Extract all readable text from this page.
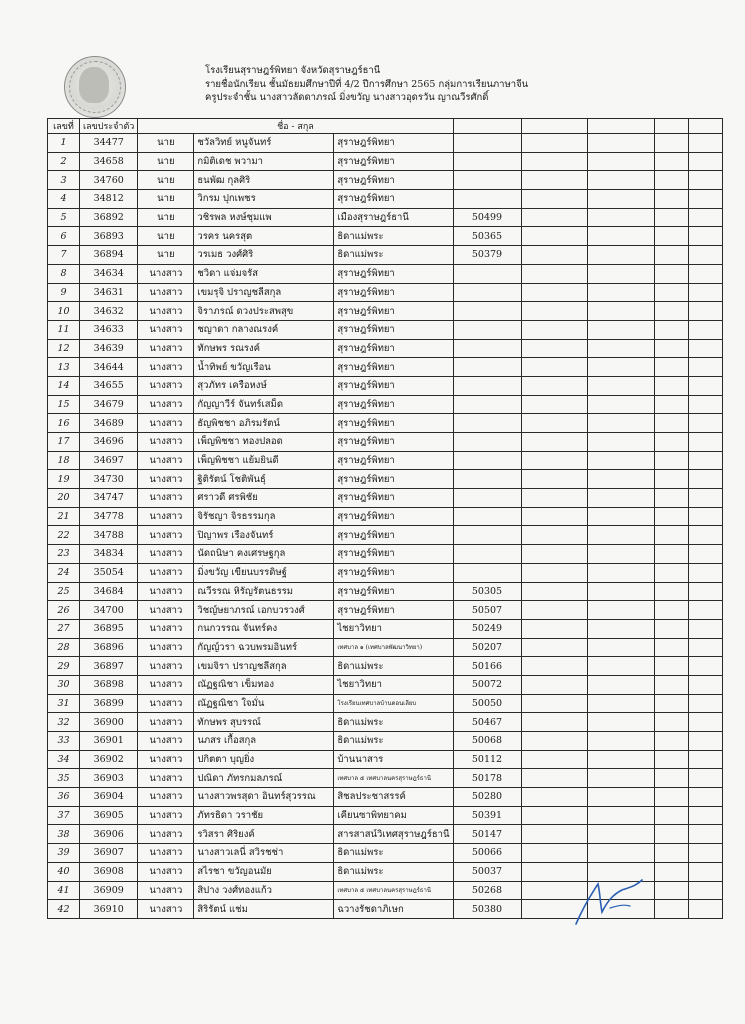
โรงเรียนสุราษฎร์พิทยา จังหวัดสุราษฎร์ธานี
รายชื่อนักเรียน ชั้นมัธยมศึกษาปีที่ 4/2 ปีการศึกษา 2565 กลุ่มการเรียนภาษาจีน
ครูประจำชั้น นางสาวลัดดาภรณ์ มิ่งขวัญ นางสาวอุดรวัน ญาณวีรศักดิ์
เลขที่	เลขประจำตัว	ชื่อ - สกุล							
1	34477	นาย	ชวัลวิทย์ หนูจันทร์	สุราษฎร์พิทยา					
2	34658	นาย	กมิติเดช พวามา	สุราษฎร์พิทยา					
3	34760	นาย	ธนพัฒ กุลศิริ	สุราษฎร์พิทยา					
4	34812	นาย	วิกรม ปุกเพชร	สุราษฎร์พิทยา					
5	36892	นาย	วชิรพล หงษ์ชุมแพ	เมืองสุราษฎร์ธานี	50499				
6	36893	นาย	วรคร นครสุต	ธิดาแม่พระ	50365				
7	36894	นาย	วรเมธ วงศ์ศิริ	ธิดาแม่พระ	50379				
8	34634	นางสาว	ชวิดา แจ่มจรัส	สุราษฎร์พิทยา					
9	34631	นางสาว	เขมรุจิ ปราญชลีสกุล	สุราษฎร์พิทยา					
10	34632	นางสาว	จิราภรณ์ ดวงประสพสุข	สุราษฎร์พิทยา					
11	34633	นางสาว	ชญาดา กลางณรงค์	สุราษฎร์พิทยา					
12	34639	นางสาว	ทักษพร รณรงค์	สุราษฎร์พิทยา					
13	34644	นางสาว	น้ำทิพย์ ขวัญเรือน	สุราษฎร์พิทยา					
14	34655	นางสาว	สุวภัทร เครือหงษ์	สุราษฎร์พิทยา					
15	34679	นางสาว	กัญญาวีร์ จันทร์เสม็ด	สุราษฎร์พิทยา					
16	34689	นางสาว	ธัญพิชชา อภิรมรัตน์	สุราษฎร์พิทยา					
17	34696	นางสาว	เพ็ญพิชชา ทองปลอด	สุราษฎร์พิทยา					
18	34697	นางสาว	เพ็ญพิชชา แย้มยินดี	สุราษฎร์พิทยา					
19	34730	นางสาว	ฐิติรัตน์ โชติพันธุ์	สุราษฎร์พิทยา					
20	34747	นางสาว	ศราวดี ศรพิชัย	สุราษฎร์พิทยา					
21	34778	นางสาว	จิรัชญา จิรธรรมกุล	สุราษฎร์พิทยา					
22	34788	นางสาว	ปิญาพร เรืองจันทร์	สุราษฎร์พิทยา					
23	34834	นางสาว	นัดถนิษา คงเศรษฐกุล	สุราษฎร์พิทยา					
24	35054	นางสาว	มิ่งขวัญ เขียนบรรดิษฐ์	สุราษฎร์พิทยา					
25	34684	นางสาว	ณวีรรณ หิรัญรัตนธรรม	สุราษฎร์พิทยา	50305				
26	34700	นางสาว	วิชญ์ษยาภรณ์ เอกบวรวงศ์	สุราษฎร์พิทยา	50507				
27	36895	นางสาว	กนกวรรณ จันทร์คง	ไชยาวิทยา	50249				
28	36896	นางสาว	กัญญ์วรา ฉวบพรมอินทร์	เทศบาล ๑ (เทศบาลพัฒนาวิทยา)	50207				
29	36897	นางสาว	เขมจิรา ปราญชลีสกุล	ธิดาแม่พระ	50166				
30	36898	นางสาว	ณัฏฐณิชา เข็มทอง	ไชยาวิทยา	50072				
31	36899	นางสาว	ณัฏฐณิชา ใจมั่น	โรงเรียนเทศบาลบ้านดอนเลียบ	50050				
32	36900	นางสาว	ทักษพร สุบรรณ์	ธิดาแม่พระ	50467				
33	36901	นางสาว	นภสร เกื้อสกุล	ธิดาแม่พระ	50068				
34	36902	นางสาว	ปกิตตา บุญยิ่ง	บ้านนาสาร	50112				
35	36903	นางสาว	ปณิดา ภัทรกมลภรณ์	เทศบาล ๕ เทศบาลนครสุราษฎร์ธานี	50178				
36	36904	นางสาว	นางสาวพรสุดา อินทร์สุวรรณ	สิชลประชาสรรค์	50280				
37	36905	นางสาว	ภัทรธิดา วราชัย	เคียนซาพิทยาคม	50391				
38	36906	นางสาว	รวิสรา ศิริยงค์	สารสาสน์วิเทศสุราษฎร์ธานี	50147				
39	36907	นางสาว	นางสาวเลนี่ สวิรชช่า	ธิดาแม่พระ	50066				
40	36908	นางสาว	สไรชา ขวัญอนมัย	ธิดาแม่พระ	50037				
41	36909	นางสาว	สิปาง วงศ์ทองแก้ว	เทศบาล ๕ เทศบาลนครสุราษฎร์ธานี	50268				
42	36910	นางสาว	สิริรัตน์ แช่ม	ฉวางรัชดาภิเษก	50380				
